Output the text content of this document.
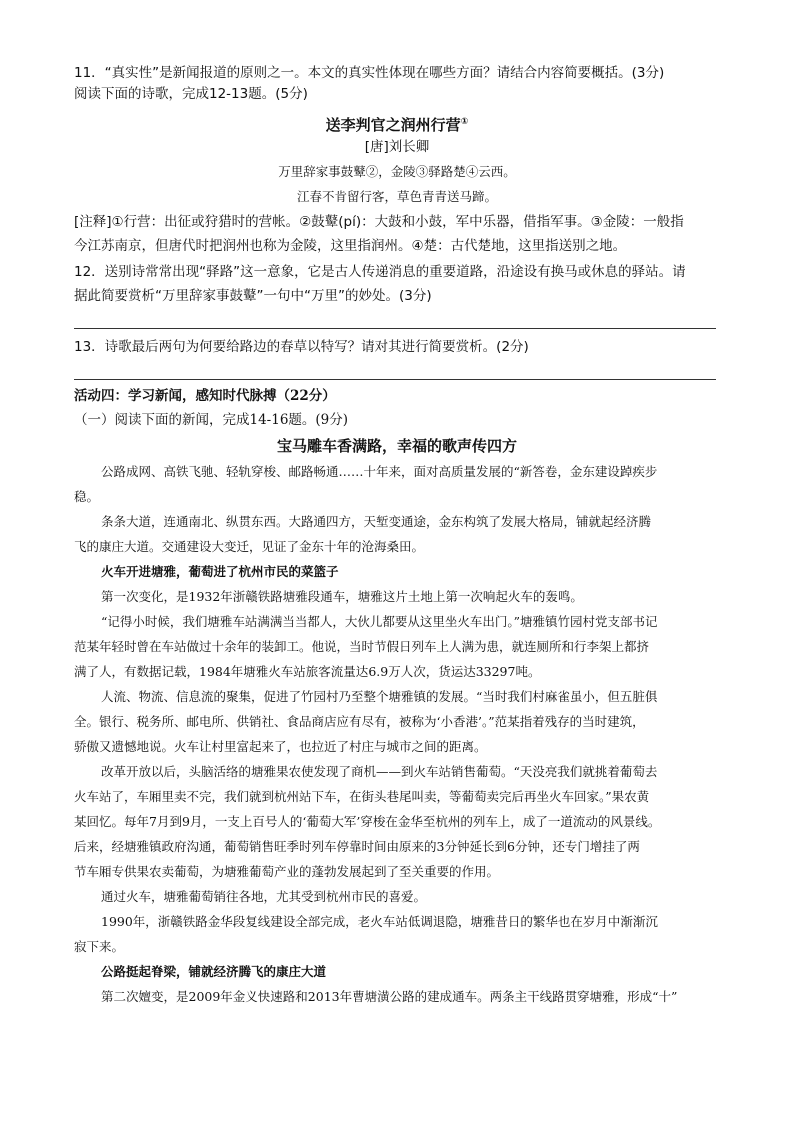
11．“真实性”是新闻报道的原则之一。本文的真实性体现在哪些方面？请结合内容简要概括。(3分)
阅读下面的诗歌，完成12-13题。(5分)
送李判官之润州行营①
[唐]刘长卿
万里辞家事鼓鼙②，金陵③驿路楚④云西。
江春不肯留行客，草色青青送马蹄。
[注释]①行营：出征或狩猎时的营帐。②鼓鼙(pí)：大鼓和小鼓，军中乐器，借指军事。③金陵：一般指
今江苏南京，但唐代时把润州也称为金陵，这里指润州。④楚：古代楚地，这里指送别之地。
12．送别诗常常出现“驿路”这一意象，它是古人传递消息的重要道路，沿途设有换马或休息的驿站。请
据此简要赏析“万里辞家事鼓鼙”一句中“万里”的妙处。(3分)
13．诗歌最后两句为何要给路边的春草以特写？请对其进行简要赏析。(2分)
活动四：学习新闻，感知时代脉搏（22分）
（一）阅读下面的新闻，完成14-16题。(9分)
宝马雕车香满路，幸福的歌声传四方
公路成网、高铁飞驰、轻轨穿梭、邮路畅通……十年来，面对高质量发展的“新答卷，金东建设踔疾步
稳。
条条大道，连通南北、纵贯东西。大路通四方，天堑变通途，金东构筑了发展大格局，铺就起经济腾
飞的康庄大道。交通建设大变迁，见证了金东十年的沧海桑田。
火车开进塘雅，葡萄进了杭州市民的菜篮子
第一次变化，是1932年浙赣铁路塘雅段通车，塘雅这片土地上第一次响起火车的轰鸣。
“记得小时候，我们塘雅车站满满当当都人，大伙儿都要从这里坐火车出门。”塘雅镇竹园村党支部书记
范某年轻时曾在车站做过十余年的装卸工。他说，当时节假日列车上人满为患，就连厕所和行李架上都挤
满了人，有数据记载，1984年塘雅火车站旅客流量达6.9万人次，货运达33297吨。
人流、物流、信息流的聚集，促进了竹园村乃至整个塘雅镇的发展。“当时我们村麻雀虽小，但五脏俱
全。银行、税务所、邮电所、供销社、食品商店应有尽有，被称为‘小香港’。”范某指着残存的当时建筑，
骄傲又遗憾地说。火车让村里富起来了，也拉近了村庄与城市之间的距离。
改革开放以后，头脑活络的塘雅果农使发现了商机——到火车站销售葡萄。“天没亮我们就挑着葡萄去
火车站了，车厢里卖不完，我们就到杭州站下车，在街头巷尾叫卖，等葡萄卖完后再坐火车回家。”果农黄
某回忆。每年7月到9月，一支上百号人的‘葡萄大军’穿梭在金华至杭州的列车上，成了一道流动的风景线。
后来，经塘雅镇政府沟通，葡萄销售旺季时列车停靠时间由原来的3分钟延长到6分钟，还专门增挂了两
节车厢专供果农卖葡萄，为塘雅葡萄产业的蓬勃发展起到了至关重要的作用。
通过火车，塘雅葡萄销往各地，尤其受到杭州市民的喜爱。
1990年，浙赣铁路金华段复线建设全部完成，老火车站低调退隐，塘雅昔日的繁华也在岁月中渐渐沉
寂下来。
公路挺起脊梁，铺就经济腾飞的康庄大道
第二次嬗变，是2009年金义快速路和2013年曹塘潢公路的建成通车。两条主干线路贯穿塘雅，形成“十”
